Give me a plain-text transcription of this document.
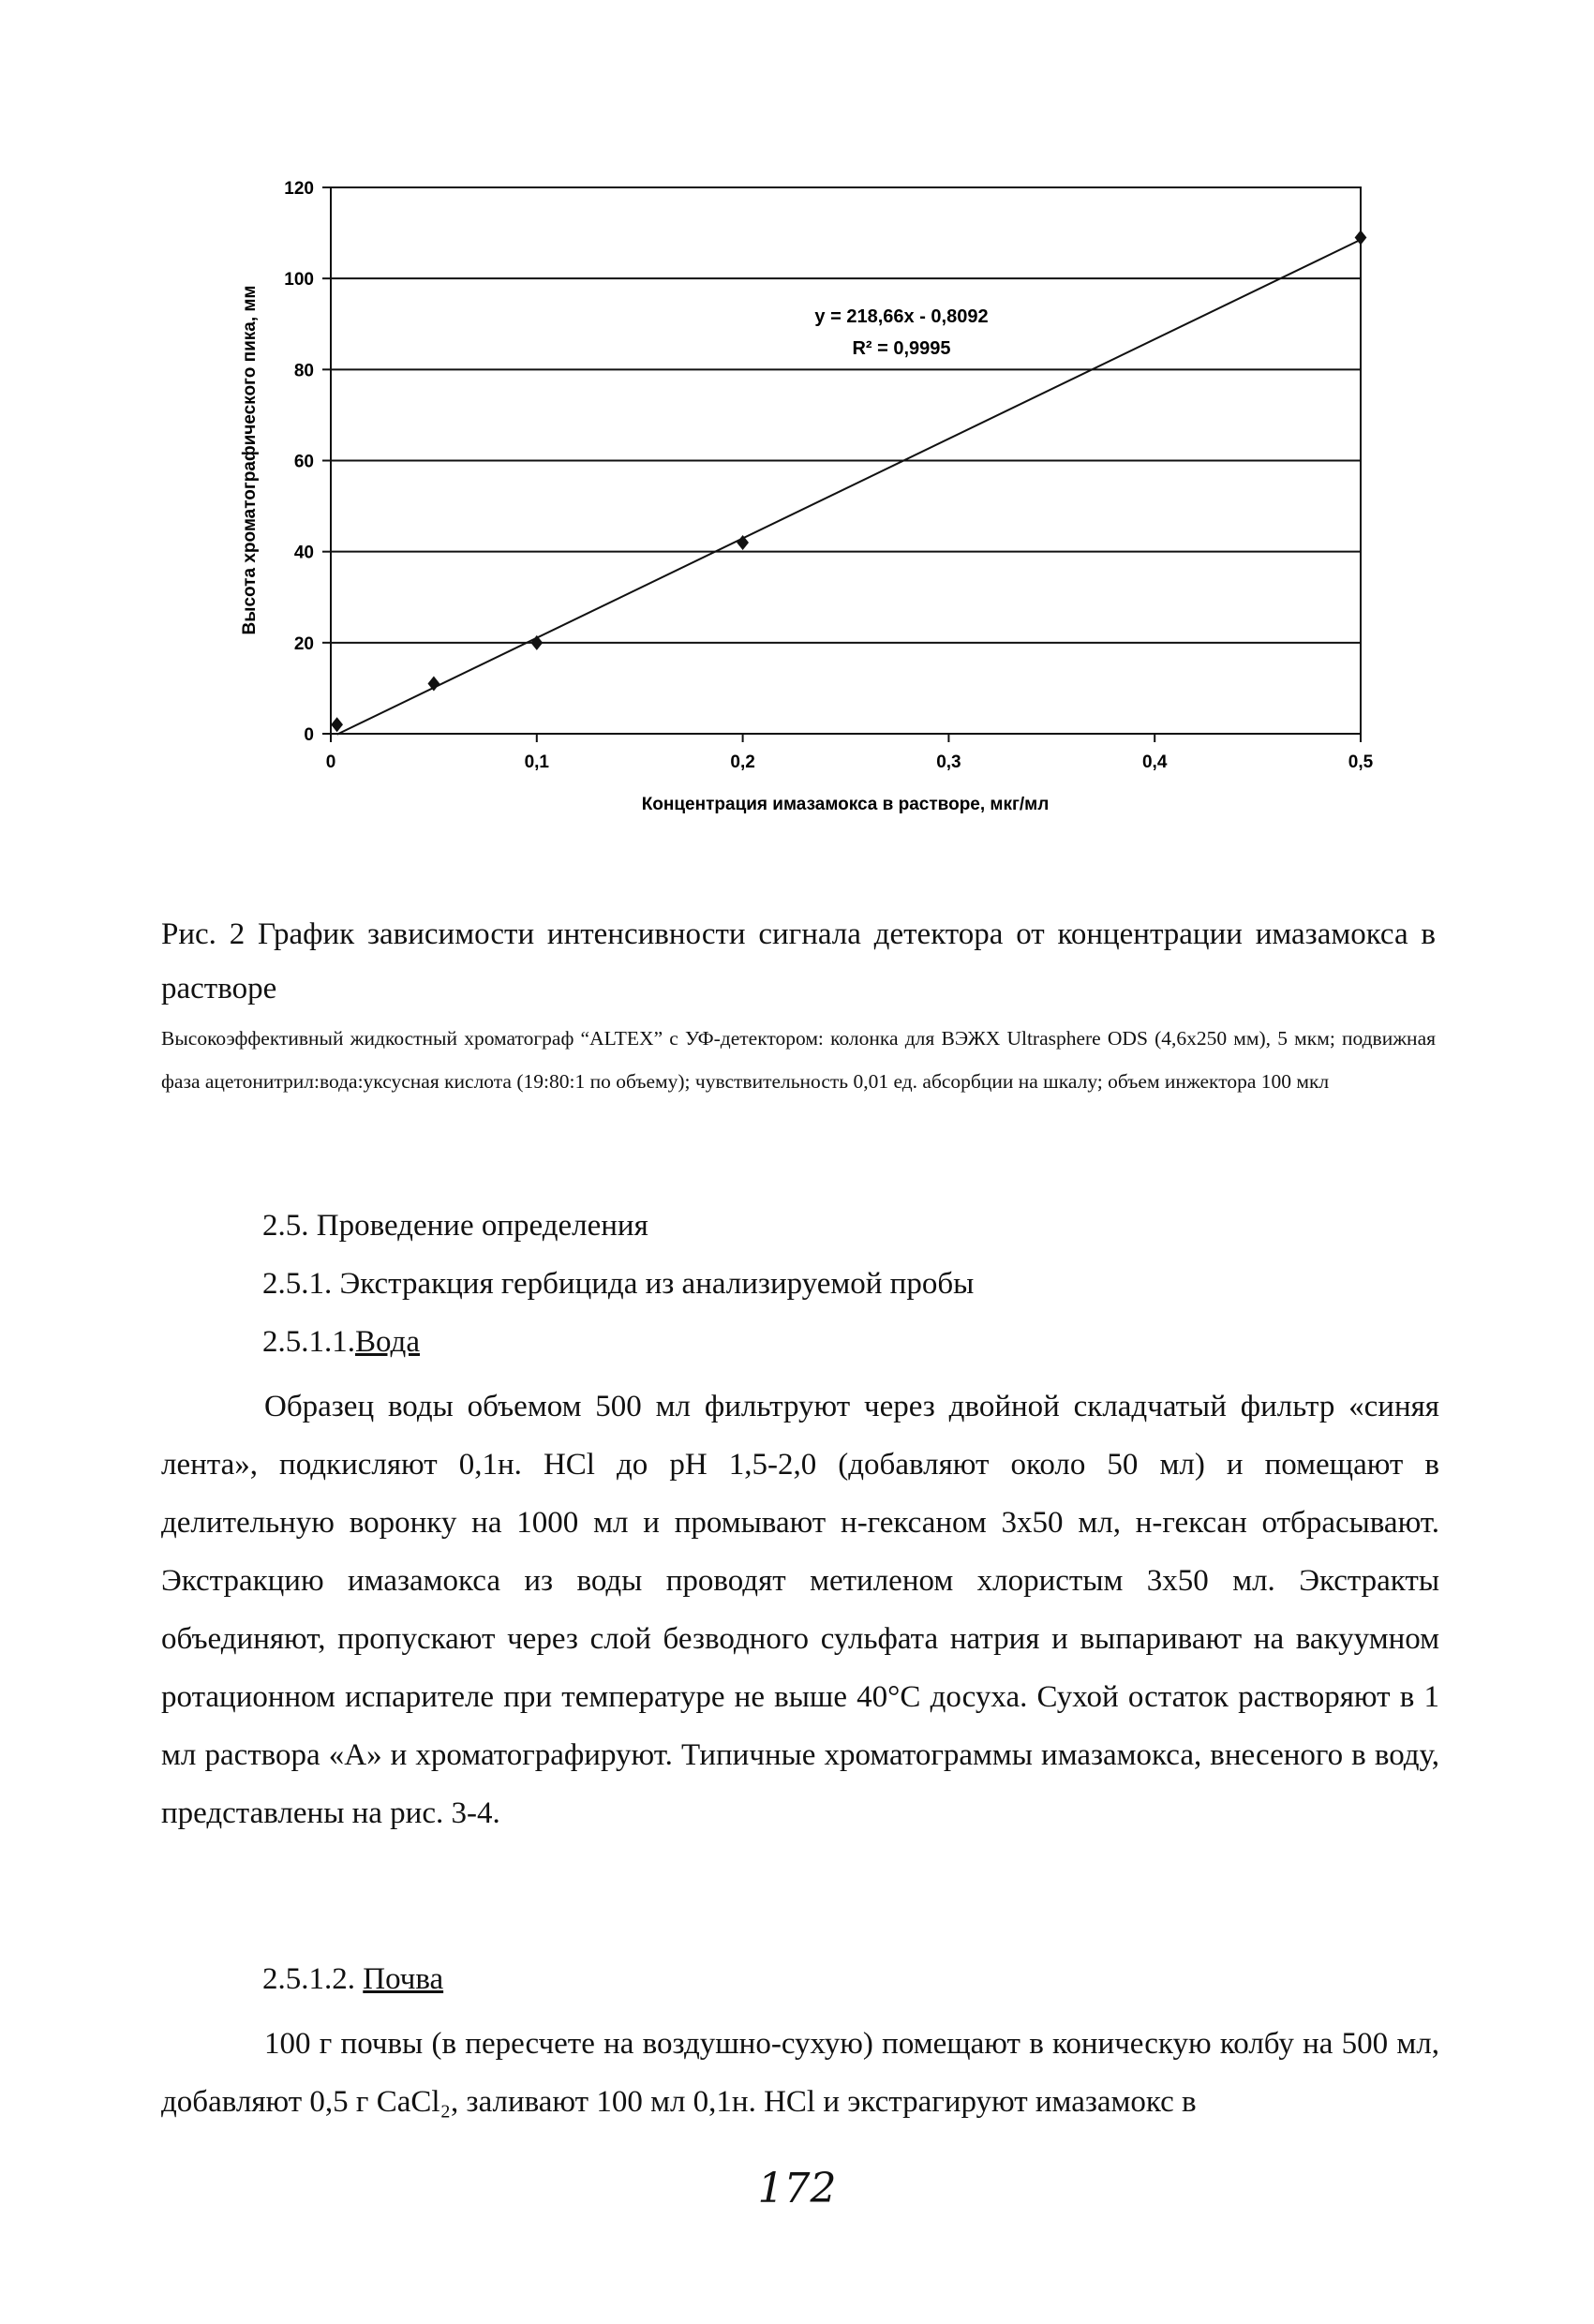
0
20
40
60
80
100
120
0	0,1	0,2	0,3	0,4	0,5
y = 218,66x - 0,8092
R² = 0,9995
Концентрация имазамокса в растворе, мкг/мл
Высота хроматографического пика, мм
Рис. 2 График зависимости интенсивности сигнала детектора от концентрации имазамокса в растворе
Высокоэффективный жидкостный хроматограф “ALTEX” с УФ-детектором: колонка для ВЭЖХ Ultrasphere ODS (4,6x250 мм), 5 мкм; подвижная фаза ацетонитрил:вода:уксусная кислота (19:80:1 по объему); чувствительность 0,01 ед. абсорбции на шкалу; объем инжектора 100 мкл
2.5. Проведение определения
2.5.1. Экстракция гербицида из анализируемой пробы
2.5.1.1.Вода
Образец воды объемом 500 мл фильтруют через двойной складчатый фильтр «синяя лента», подкисляют 0,1н. HCl до pH 1,5-2,0 (добавляют около 50 мл) и помещают в делительную воронку на 1000 мл и промывают н-гексаном 3x50 мл, н-гексан отбрасывают. Экстракцию имазамокса из воды проводят метиленом хлористым 3x50 мл. Экстракты объединяют, пропускают через слой безводного сульфата натрия и выпаривают на вакуумном ротационном испарителе при температуре не выше 40°С досуха. Сухой остаток растворяют в 1 мл раствора «А» и хроматографируют. Типичные хроматограммы имазамокса, внесеного в воду, представлены на рис. 3-4.
2.5.1.2. Почва
100 г почвы (в пересчете на воздушно-сухую) помещают в коническую колбу на 500 мл, добавляют 0,5 г CaCl₂, заливают 100 мл 0,1н. HCl и экстрагируют имазамокс в
172
